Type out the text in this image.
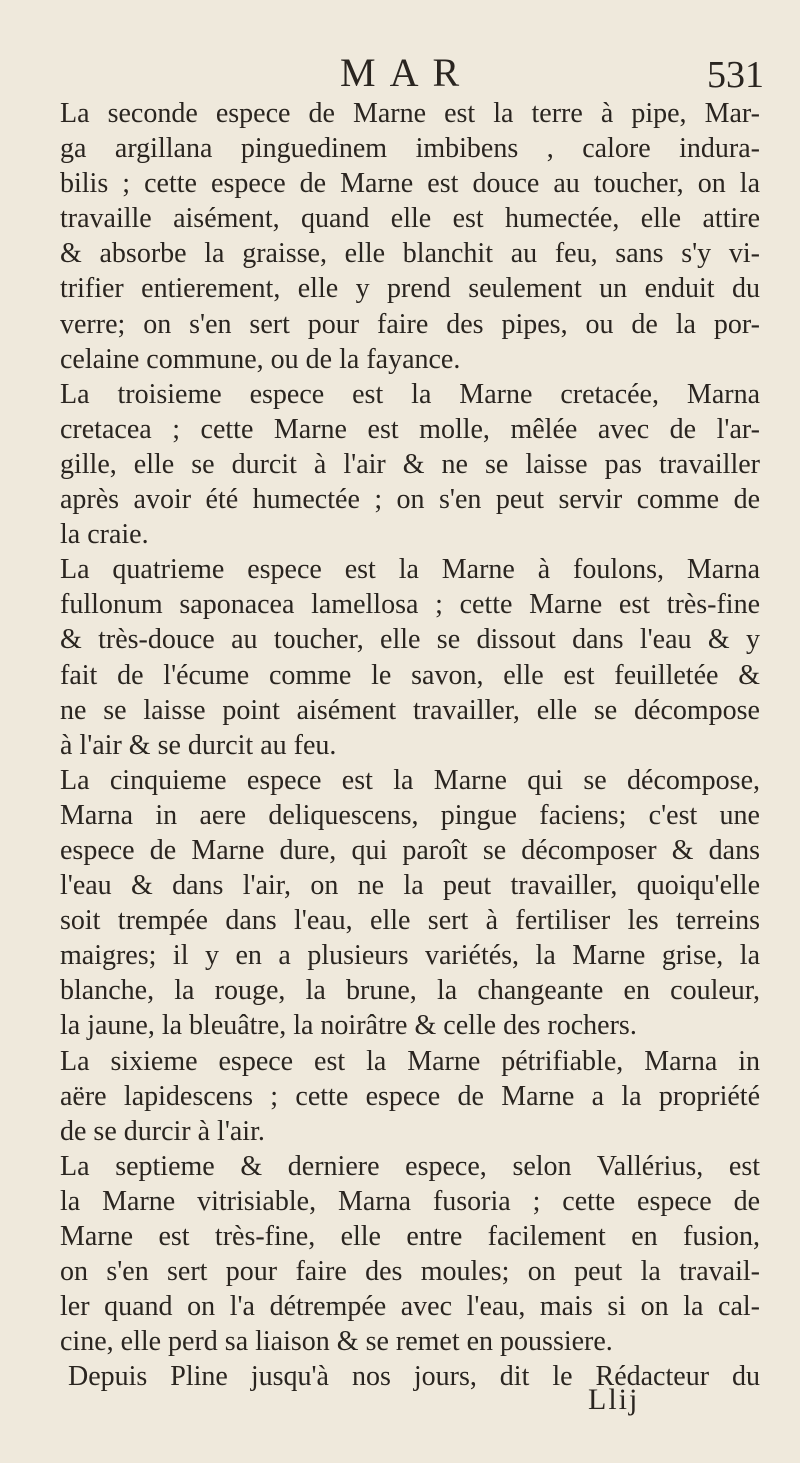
MAR	531
La seconde espece de Marne est la terre à pipe, Mar-
ga argillana pinguedinem imbibens , calore indura-
bilis ; cette espece de Marne est douce au toucher, on la
travaille aisément, quand elle est humectée, elle attire
& absorbe la graisse, elle blanchit au feu, sans s'y vi-
trifier entierement, elle y prend seulement un enduit du
verre; on s'en sert pour faire des pipes, ou de la por-
celaine commune, ou de la fayance.
La troisieme espece est la Marne cretacée, Marna
cretacea ; cette Marne est molle, mêlée avec de l'ar-
gille, elle se durcit à l'air & ne se laisse pas travailler
après avoir été humectée ; on s'en peut servir comme de
la craie.
La quatrieme espece est la Marne à foulons, Marna
fullonum saponacea lamellosa ; cette Marne est très-fine
& très-douce au toucher, elle se dissout dans l'eau & y
fait de l'écume comme le savon, elle est feuilletée &
ne se laisse point aisément travailler, elle se décompose
à l'air & se durcit au feu.
La cinquieme espece est la Marne qui se décompose,
Marna in aere deliquescens, pingue faciens; c'est une
espece de Marne dure, qui paroît se décomposer & dans
l'eau & dans l'air, on ne la peut travailler, quoiqu'elle
soit trempée dans l'eau, elle sert à fertiliser les terreins
maigres; il y en a plusieurs variétés, la Marne grise, la
blanche, la rouge, la brune, la changeante en couleur,
la jaune, la bleuâtre, la noirâtre & celle des rochers.
La sixieme espece est la Marne pétrifiable, Marna in
aëre lapidescens ; cette espece de Marne a la propriété
de se durcir à l'air.
La septieme & derniere espece, selon Vallérius, est
la Marne vitrisiable, Marna fusoria ; cette espece de
Marne est très-fine, elle entre facilement en fusion,
on s'en sert pour faire des moules; on peut la travail-
ler quand on l'a détrempée avec l'eau, mais si on la cal-
cine, elle perd sa liaison & se remet en poussiere.
Depuis Pline jusqu'à nos jours, dit le Rédacteur du
Llij
